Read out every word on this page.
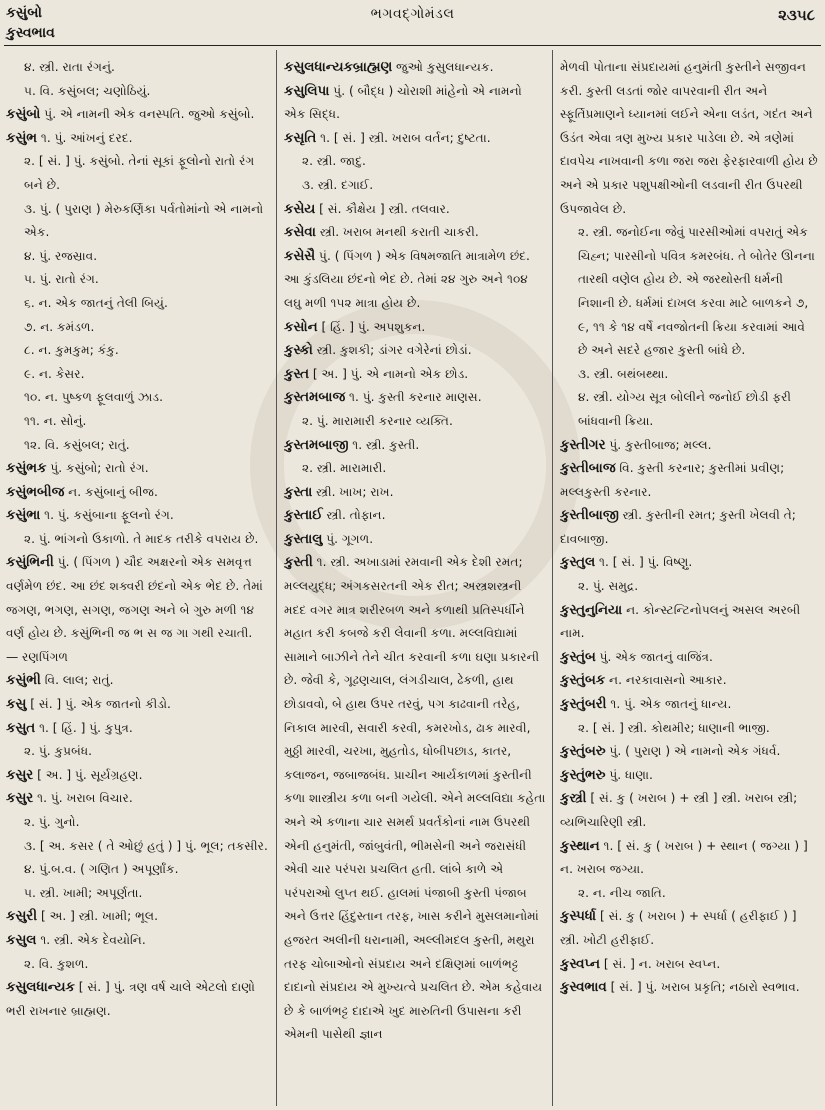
કસુંબો
કુસ્વભાવ
ભગવદ્ગોમંડલ	૨૩૫૮

૪. સ્ત્રી. રાતા રંગનું.

૫. વિ. કસુંબલ; ચણોઠિયું.

કસુંબો પું. એ નામની એક વનસ્પતિ. જુઓ કસુંબો.

કસુંભ ૧. પું. આંખનું દરદ.

૨. [ સં. ] પું. કસુંબો. તેનાં સૂકાં ફૂલોનો રાતો રંગ બને છે.

૩. પું. ( પુરાણ ) મેરુકર્ણિકા પર્વતોમાંનો એ નામનો એક.

૪. પું. રજસ્રાવ.

૫. પું. રાતો રંગ.

૬. ન. એક જાતનું તેલી બિયું.

૭. ન. કમંડળ.

૮. ન. કુમકુમ; કંકુ.

૯. ન. કેસર.

૧૦. ન. પુષ્કળ ફૂલવાળું ઝાડ.

૧૧. ન. સોનું.

૧૨. વિ. કસુંબલ; રાતું.

કસુંભક પું. કસુંબો; રાતો રંગ.

કસુંભબીજ ન. કસુંબાનું બીજ.

કસુંભા ૧. પું. કસુંબાના ફૂલનો રંગ.

૨. પું. ભાંગનો ઉકાળો. તે માદક તરીકે વપરાય છે.

કસુંભિની પું. ( પિંગળ ) ચૌદ અક્ષરનો એક સમવૃત્ત વર્ણમેળ છંદ. આ છંદ શક્વરી છંદનો એક ભેદ છે. તેમાં જગણ, ભગણ, સગણ, જગણ અને બે ગુરુ મળી ૧૪ વર્ણ હોય છે. કસુંભિની જ ભ સ જ ગા ગથી રચાતી. — રણપિંગળ

કસુંભી વિ. લાલ; રાતું.

કસુ [ સં. ] પું. એક જાતનો કીડો.

કસુત ૧. [ હિં. ] પું. કુપુત્ર.

૨. પું. કુપ્રબંધ.

કસુર [ અ. ] પું. સૂર્યગ્રહણ.

કસુર ૧. પું. ખરાબ વિચાર.

૨. પું. ગુનો.

૩. [ અ. કસર ( તે ઓછું હતું ) ] પું. ભૂલ; તકસીર.

૪. પું.બ.વ. ( ગણિત ) અપૂર્ણાંક.

૫. સ્ત્રી. ખામી; અપૂર્ણતા.

કસુરી [ અ. ] સ્ત્રી. ખામી; ભૂલ.

કસુલ ૧. સ્ત્રી. એક દેવયોનિ.

૨. વિ. કુશળ.

કસુલધાન્યક [ સં. ] પું. ત્રણ વર્ષ ચાલે એટલો દાણો ભરી રાખનાર બ્રાહ્મણ.

કસુલધાન્યકબ્રાહ્મણ જુઓ કુસુલધાન્યક.

કસુલિપા પું. ( બૌદ્ધ ) ચોરાશી માંહેનો એ નામનો એક સિદ્ધ.

કસૃતિ ૧. [ સં. ] સ્ત્રી. ખરાબ વર્તન; દુષ્ટતા.

૨. સ્ત્રી. જાદુ.

૩. સ્ત્રી. દગાઈ.

કસેય [ સં. કૌક્ષેય ] સ્ત્રી. તલવાર.

કસેવા સ્ત્રી. ખરાબ મનથી કરાતી ચાકરી.

કસેસૈ પું. ( પિંગળ ) એક વિષમજાતિ માત્રામેળ છંદ. આ કુંડલિયા છંદનો ભેદ છે. તેમાં ૨૪ ગુરુ અને ૧૦૪ લઘુ મળી ૧૫૨ માત્રા હોય છે.

કસોન [ હિં. ] પું. અપશુકન.

કુસ્કો સ્ત્રી. કુશકી; ડાંગર વગેરેનાં છોડાં.

કુસ્ત [ અ. ] પું. એ નામનો એક છોડ.

કુસ્તમબાજ ૧. પું. કુસ્તી કરનાર માણસ.

૨. પું. મારામારી કરનાર વ્યક્તિ.

કુસ્તમબાજી ૧. સ્ત્રી. કુસ્તી.

૨. સ્ત્રી. મારામારી.

કુસ્તા સ્ત્રી. ખાખ; રાખ.

કુસ્તાઈ સ્ત્રી. તોફાન.

કુસ્તાલુ પું. ગૂગળ.

કુસ્તી ૧. સ્ત્રી. અખાડામાં રમવાની એક દેશી રમત; મલ્લયુદ્ધ; અંગકસરતની એક રીત; અસ્ત્રશસ્ત્રની મદદ વગર માત્ર શરીરબળ અને કળાથી પ્રતિસ્પર્ધીને મહાત કરી કબજે કરી લેવાની કળા. મલ્લવિદ્યામાં સામાને બાઝીને તેને ચીત કરવાની કળા ઘણા પ્રકારની છે. જેવી કે, ગૂઢણચાલ, લંગડીચાલ, ઢેકળી, હાથ છોડાવવો, બે હાથ ઉપર તરવું, પગ કાઢવાની તરેહ, નિકાલ મારવી, સવારી કરવી, કમરખોડ, ઢાક મારવી, મુઠ્ઠી મારવી, ચરખા, મુહતોડ, ધોબીપછાડ, કાતર, કલાજન, જબાજબંધ. પ્રાચીન આર્યકાળમાં કુસ્તીની કળા શાસ્ત્રીય કળા બની ગયેલી. એને મલ્લવિદ્યા કહેતા અને એ કળાના ચાર સમર્થ પ્રવર્તકોનાં નામ ઉપરથી એની હનુમંતી, જાંબુવંતી, ભીમસેની અને જરાસંધી એવી ચાર પરંપરા પ્રચલિત હતી. લાંબે કાળે એ પરંપરાઓ લુપ્ત થઈ. હાલમાં પંજાબી કુસ્તી પંજાબ અને ઉત્તર હિંદુસ્તાન તરફ, ખાસ કરીને મુસલમાનોમાં હજરત અલીની ધરાનામી, અલ્લીમદલ કુસ્તી, મથુરા તરફ ચોબાઓનો સંપ્રદાય અને દક્ષિણમાં બાળંભટ્ટ દાદાનો સંપ્રદાય એ મુખ્યત્વે પ્રચલિત છે. એમ કહેવાય છે કે બાળંભટ્ટ દાદાએ ખુદ મારુતિની ઉપાસના કરી એમની પાસેથી જ્ઞાન

મેળવી પોતાના સંપ્રદાયમાં હનુમંતી કુસ્તીને સજીવન કરી. કુસ્તી લડતાં જોર વાપરવાની રીત અને સ્ફૂર્તિપ્રમાણને ધ્યાનમાં લઈને એના લડંત, ગદંત અને ઉડંત એવા ત્રણ મુખ્ય પ્રકાર પાડેલા છે. એ ત્રણેમાં દાવપેચ નાખવાની કળા જરા જરા ફેરફારવાળી હોય છે અને એ પ્રકાર પશુપક્ષીઓની લડવાની રીત ઉપરથી ઉપજાવેલ છે.

૨. સ્ત્રી. જનોઈના જેવું પારસીઓમાં વપરાતું એક ચિહ્ન; પારસીનો પવિત્ર કમરબંધ. તે બોતેર ઊનના તારથી વણેલ હોય છે. એ જરથોસ્તી ધર્મની નિશાની છે. ધર્મમાં દાખલ કરવા માટે બાળકને ૭, ૯, ૧૧ કે ૧૪ વર્ષે નવજોતની ક્રિયા કરવામાં આવે છે અને સદરે હજાર કુસ્તી બાંધે છે.

૩. સ્ત્રી. બથંબથ્થા.

૪. સ્ત્રી. યોગ્ય સૂત્ર બોલીને જનોઈ છોડી ફરી બાંધવાની ક્રિયા.

કુસ્તીગર પું. કુસ્તીબાજ; મલ્લ.

કુસ્તીબાજ વિ. કુસ્તી કરનાર; કુસ્તીમાં પ્રવીણ; મલ્લકુસ્તી કરનાર.

કુસ્તીબાજી સ્ત્રી. કુસ્તીની રમત; કુસ્તી ખેલવી તે; દાવબાજી.

કુસ્તુલ ૧. [ સં. ] પું. વિષ્ણુ.

૨. પું. સમુદ્ર.

કુસ્તુનુનિયા ન. કોન્સ્ટન્ટિનોપલનું અસલ અરબી નામ.

કુસ્તુંબ પું. એક જાતનું વાજિંત્ર.

કુસ્તુંબક ન. નરકાવાસનો આકાર.

કુસ્તુંબરી ૧. પું. એક જાતનું ધાન્ય.

૨. [ સં. ] સ્ત્રી. કોથમીર; ધાણાની ભાજી.

કુસ્તુંબરુ પું. ( પુરાણ ) એ નામનો એક ગંધર્વ.

કુસ્તુંભરુ પું. ધાણા.

કુસ્ત્રી [ સં. કુ ( ખરાબ ) + સ્ત્રી ] સ્ત્રી. ખરાબ સ્ત્રી; વ્યભિચારિણી સ્ત્રી.

કુસ્થાન ૧. [ સં. કુ ( ખરાબ ) + સ્થાન ( જગ્યા ) ] ન. ખરાબ જગ્યા.

૨. ન. નીચ જાતિ.

કુસ્પર્ધા [ સં. કુ ( ખરાબ ) + સ્પર્ધા ( હરીફાઈ ) ] સ્ત્રી. ખોટી હરીફાઈ.

કુસ્વપ્ન [ સં. ] ન. ખરાબ સ્વપ્ન.

કુસ્વભાવ [ સં. ] પું. ખરાબ પ્રકૃતિ; નઠારો સ્વભાવ.
